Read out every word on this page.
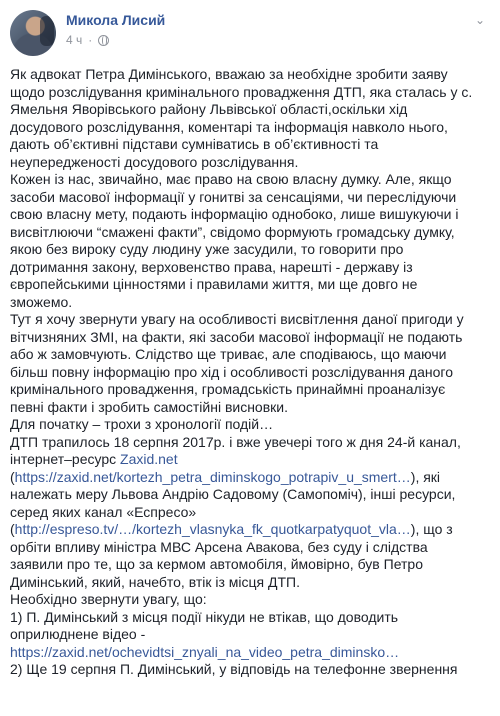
Микола Лисий
4 ч ·
⌄

Як адвокат Петра Димінського, вважаю за необхідне зробити заяву щодо розслідування кримінального провадження ДТП, яка сталась у с. Ямельня Яворівського району Львівської області,оскільки хід досудового розслідування, коментарі та інформація навколо нього, дають об’єктивні підстави сумніватись в об’єктивності та неупередженості досудового розслідування.

Кожен із нас, звичайно, має право на свою власну думку. Але, якщо засоби масової інформації у гонитві за сенсаціями, чи переслідуючи свою власну мету, подають інформацію однобоко, лише вишукуючи і висвітлюючи “смажені факти”, свідомо формують громадську думку, якою без вироку суду людину уже засудили, то говорити про дотримання закону, верховенство права, нарешті - державу із європейськими цінностями і правилами життя, ми ще довго не зможемо.

Тут я хочу звернути увагу на особливості висвітлення даної пригоди у вітчизняних ЗМІ, на факти, які засоби масової інформації не подають або ж замовчують. Слідство ще триває, але сподіваюсь, що маючи більш повну інформацію про хід і особливості розслідування даного кримінального провадження, громадськість принаймні проаналізує певні факти і зробить самостійні висновки.

Для початку – трохи з хронології подій…

ДТП трапилось 18 серпня 2017р. і вже увечері того ж дня 24-й канал, інтернет–ресурс Zaxid.net (https://zaxid.net/kortezh_petra_diminskogo_potrapiv_u_smert…), які належать меру Львова Андрію Садовому (Самопоміч), інші ресурси, серед яких канал «Еспресо» (http://espreso.tv/…/kortezh_vlasnyka_fk_quotkarpatyquot_vla…), що з орбіти впливу міністра МВС Арсена Авакова, без суду і слідства заявили про те, що за кермом автомобіля, ймовірно, був Петро Димінський, який, начебто, втік із місця ДТП.

Необхідно звернути увагу, що:

1) П. Димінський з місця події нікуди не втікав, що доводить оприлюднене відео - https://zaxid.net/ochevidtsi_znyali_na_video_petra_diminsko…

2) Ще 19 серпня П. Димінський, у відповідь на телефонне звернення
